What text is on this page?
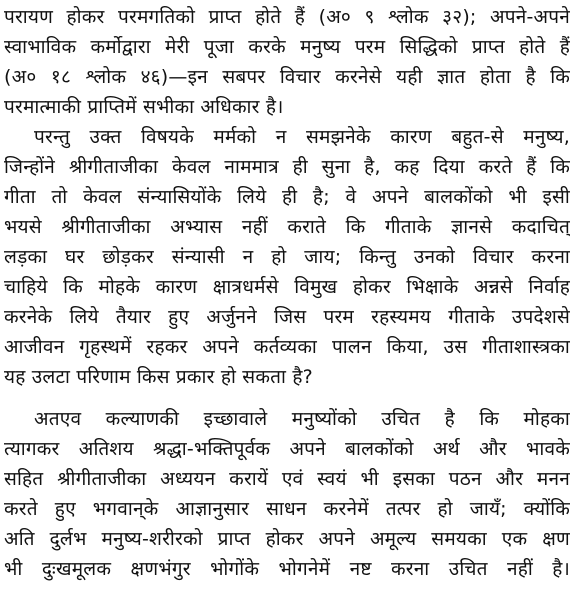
परायण होकर परमगतिको प्राप्त होते हैं (अ० ९ श्लोक ३२); अपने-अपने
स्वाभाविक कर्मोद्वारा मेरी पूजा करके मनुष्य परम सिद्धिको प्राप्त होते हैं
(अ० १८ श्लोक ४६)—इन सबपर विचार करनेसे यही ज्ञात होता है कि
परमात्माकी प्राप्तिमें सभीका अधिकार है।
परन्तु उक्त विषयके मर्मको न समझनेके कारण बहुत-से मनुष्य,
जिन्होंने श्रीगीताजीका केवल नाममात्र ही सुना है, कह दिया करते हैं कि
गीता तो केवल संन्यासियोंके लिये ही है; वे अपने बालकोंको भी इसी
भयसे श्रीगीताजीका अभ्यास नहीं कराते कि गीताके ज्ञानसे कदाचित्
लड़का घर छोड़कर संन्यासी न हो जाय; किन्तु उनको विचार करना
चाहिये कि मोहके कारण क्षात्रधर्मसे विमुख होकर भिक्षाके अन्नसे निर्वाह
करनेके लिये तैयार हुए अर्जुनने जिस परम रहस्यमय गीताके उपदेशसे
आजीवन गृहस्थमें रहकर अपने कर्तव्यका पालन किया, उस गीताशास्त्रका
यह उलटा परिणाम किस प्रकार हो सकता है?
अतएव कल्याणकी इच्छावाले मनुष्योंको उचित है कि मोहका
त्यागकर अतिशय श्रद्धा-भक्तिपूर्वक अपने बालकोंको अर्थ और भावके
सहित श्रीगीताजीका अध्ययन करायें एवं स्वयं भी इसका पठन और मनन
करते हुए भगवान्‌के आज्ञानुसार साधन करनेमें तत्पर हो जायँ; क्योंकि
अति दुर्लभ मनुष्य-शरीरको प्राप्त होकर अपने अमूल्य समयका एक क्षण
भी दुःखमूलक क्षणभंगुर भोगोंके भोगनेमें नष्ट करना उचित नहीं है।
